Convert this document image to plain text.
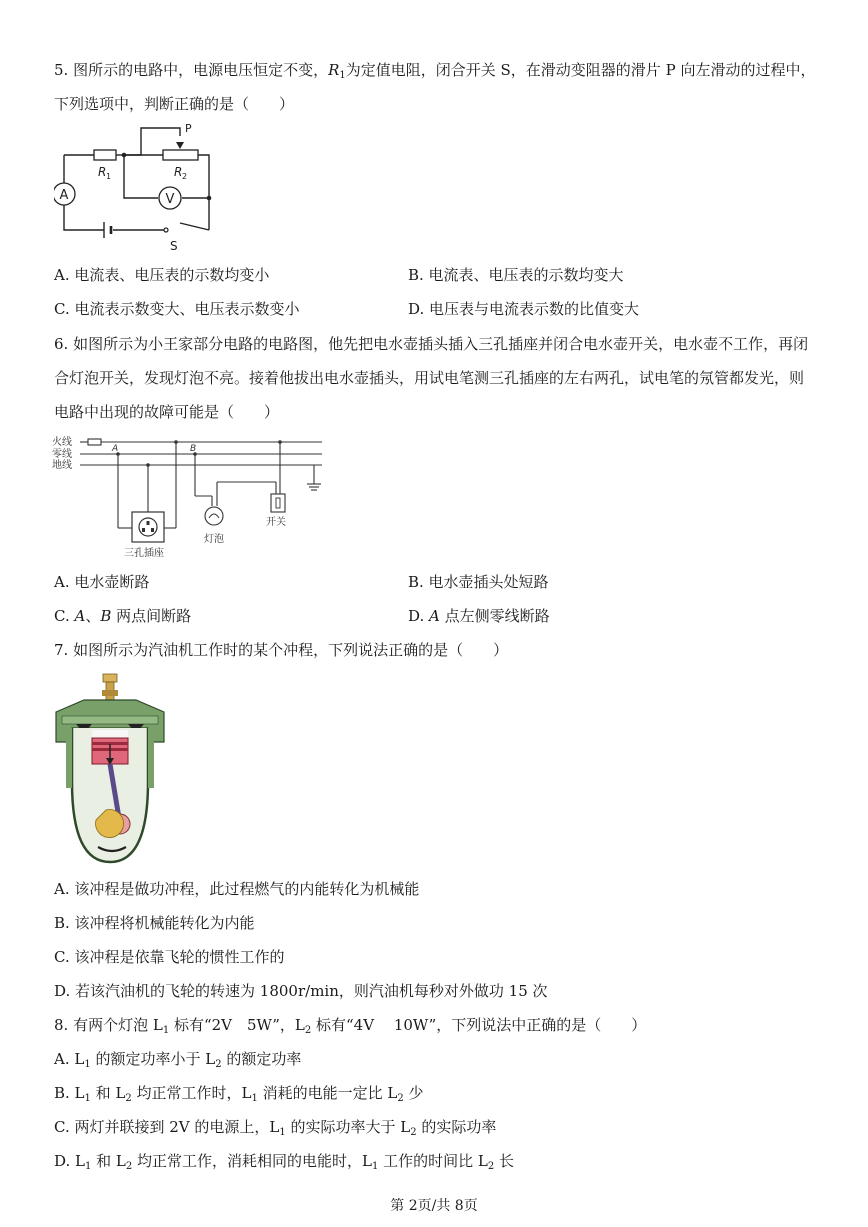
5. 图所示的电路中，电源电压恒定不变，$R_1$为定值电阻，闭合开关 S，在滑动变阻器的滑片 P 向左滑动的过程中，
下列选项中，判断正确的是（　　）
A	V
P
R 1	R 2
S
A. 电流表、电压表的示数均变小	B. 电流表、电压表的示数均变大
C. 电流表示数变大、电压表示数变小	D. 电压表与电流表示数的比值变大
6. 如图所示为小王家部分电路的电路图，他先把电水壶插头插入三孔插座并闭合电水壶开关，电水壶不工作，再闭
合灯泡开关，发现灯泡不亮。接着他拔出电水壶插头，用试电笔测三孔插座的左右两孔，试电笔的氖管都发光，则
电路中出现的故障可能是（　　）
火线
零线
地线
A	B
三孔插座
灯泡
开关
A. 电水壶断路	B. 电水壶插头处短路
C. A、B 两点间断路	D. A 点左侧零线断路
7. 如图所示为汽油机工作时的某个冲程，下列说法正确的是（　　）
A. 该冲程是做功冲程，此过程燃气的内能转化为机械能
B. 该冲程将机械能转化为内能
C. 该冲程是依靠飞轮的惯性工作的
D. 若该汽油机的飞轮的转速为 1800r/min，则汽油机每秒对外做功 15 次
8. 有两个灯泡 $L_1$ 标有“2V　5W”，$L_2$ 标有“4V　 10W”，下列说法中正确的是（　　）
A. $L_1$ 的额定功率小于 $L_2$ 的额定功率
B. $L_1$ 和 $L_2$ 均正常工作时，$L_1$ 消耗的电能一定比 $L_2$ 少
C. 两灯并联接到 2V 的电源上，$L_1$ 的实际功率大于 $L_2$ 的实际功率
D. $L_1$ 和 $L_2$ 均正常工作，消耗相同的电能时，$L_1$ 工作的时间比 $L_2$ 长
第 2页/共 8页
